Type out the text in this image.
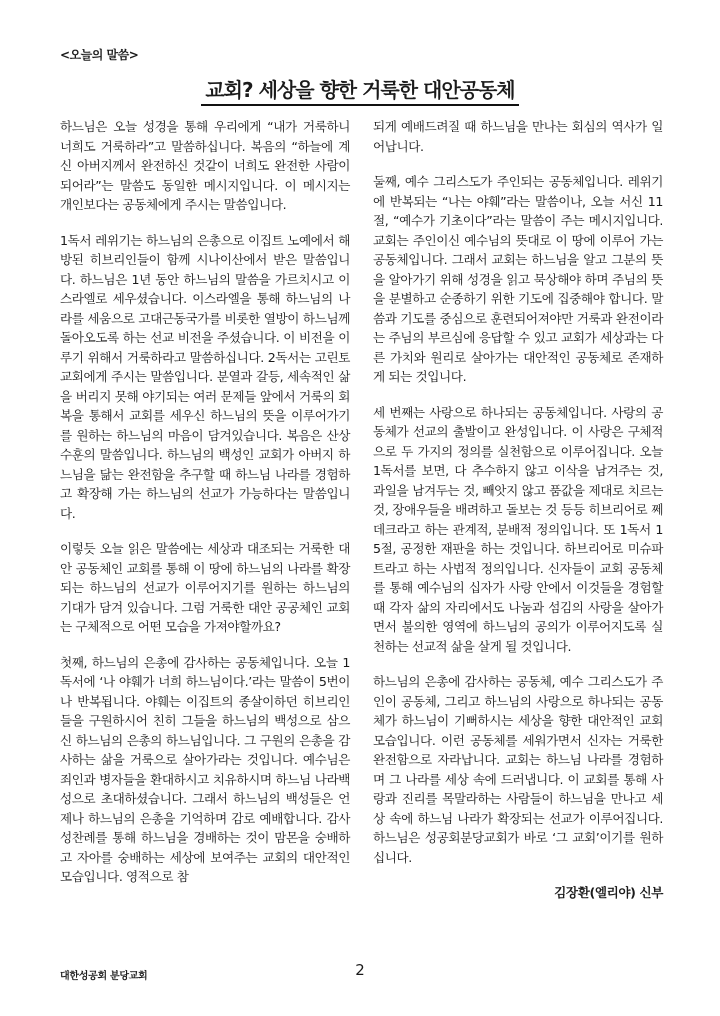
<오늘의 말씀>
교회? 세상을 향한 거룩한 대안공동체

하느님은 오늘 성경을 통해 우리에게 “내가 거룩하니 너희도 거룩하라”고 말씀하십니다. 복음의 “하늘에 계신 아버지께서 완전하신 것같이 너희도 완전한 사람이 되어라”는 말씀도 동일한 메시지입니다. 이 메시지는 개인보다는 공동체에게 주시는 말씀입니다.

1독서 레위기는 하느님의 은총으로 이집트 노예에서 해방된 히브리인들이 함께 시나이산에서 받은 말씀입니다. 하느님은 1년 동안 하느님의 말씀을 가르치시고 이스라엘로 세우셨습니다. 이스라엘을 통해 하느님의 나라를 세움으로 고대근동국가를 비롯한 열방이 하느님께 돌아오도록 하는 선교 비전을 주셨습니다. 이 비전을 이루기 위해서 거룩하라고 말씀하십니다. 2독서는 고린토교회에게 주시는 말씀입니다. 분열과 갈등, 세속적인 삶을 버리지 못해 야기되는 여러 문제들 앞에서 거룩의 회복을 통해서 교회를 세우신 하느님의 뜻을 이루어가기를 원하는 하느님의 마음이 담겨있습니다. 복음은 산상수훈의 말씀입니다. 하느님의 백성인 교회가 아버지 하느님을 닮는 완전함을 추구할 때 하느님 나라를 경험하고 확장해 가는 하느님의 선교가 가능하다는 말씀입니다.

이렇듯 오늘 읽은 말씀에는 세상과 대조되는 거룩한 대안 공동체인 교회를 통해 이 땅에 하느님의 나라를 확장되는 하느님의 선교가 이루어지기를 원하는 하느님의 기대가 담겨 있습니다. 그럼 거룩한 대안 공공체인 교회는 구체적으로 어떤 모습을 가져야할까요?

첫째, 하느님의 은총에 감사하는 공동체입니다. 오늘 1독서에 ‘나 야훼가 너희 하느님이다.’라는 말씀이 5번이나 반복됩니다. 야훼는 이집트의 종살이하던 히브리인들을 구원하시어 친히 그들을 하느님의 백성으로 삼으신 하느님의 은총의 하느님입니다. 그 구원의 은총을 감사하는 삶을 거룩으로 살아가라는 것입니다. 예수님은 죄인과 병자들을 환대하시고 치유하시며 하느님 나라백성으로 초대하셨습니다. 그래서 하느님의 백성들은 언제나 하느님의 은총을 기억하며 감로 예배합니다. 감사성찬례를 통해 하느님을 경배하는 것이 맘몬을 숭배하고 자아를 숭배하는 세상에 보여주는 교회의 대안적인 모습입니다. 영적으로 참

되게 예배드려질 때 하느님을 만나는 회심의 역사가 일어납니다.

둘째, 예수 그리스도가 주인되는 공동체입니다. 레위기에 반복되는 “나는 야훼”라는 말씀이나, 오늘 서신 11절, “예수가 기초이다”라는 말씀이 주는 메시지입니다. 교회는 주인이신 예수님의 뜻대로 이 땅에 이루어 가는 공동체입니다. 그래서 교회는 하느님을 알고 그분의 뜻을 알아가기 위해 성경을 읽고 묵상해야 하며 주님의 뜻을 분별하고 순종하기 위한 기도에 집중해야 합니다. 말씀과 기도를 중심으로 훈련되어져야만 거룩과 완전이라는 주님의 부르심에 응답할 수 있고 교회가 세상과는 다른 가치와 원리로 살아가는 대안적인 공동체로 존재하게 되는 것입니다.

세 번째는 사랑으로 하나되는 공동체입니다. 사랑의 공동체가 선교의 출발이고 완성입니다. 이 사랑은 구체적으로 두 가지의 정의를 실천함으로 이루어집니다. 오늘 1독서를 보면, 다 추수하지 않고 이삭을 남겨주는 것, 과일을 남겨두는 것, 빼앗지 않고 품값을 제대로 치르는 것, 장애우들을 배려하고 돌보는 것 등등 히브리어로 쩨데크라고 하는 관계적, 분배적 정의입니다. 또 1독서 15절, 공정한 재판을 하는 것입니다. 하브리어로 미슈파트라고 하는 사법적 정의입니다. 신자들이 교회 공동체를 통해 예수님의 십자가 사랑 안에서 이것들을 경험할 때 각자 삶의 자리에서도 나눔과 섬김의 사랑을 살아가면서 불의한 영역에 하느님의 공의가 이루어지도록 실천하는 선교적 삶을 살게 될 것입니다.

하느님의 은총에 감사하는 공동체, 예수 그리스도가 주인이 공동체, 그리고 하느님의 사랑으로 하나되는 공동체가 하느님이 기뻐하시는 세상을 향한 대안적인 교회모습입니다. 이런 공동체를 세워가면서 신자는 거룩한 완전함으로 자라납니다. 교회는 하느님 나라를 경험하며 그 나라를 세상 속에 드러냅니다. 이 교회를 통해 사랑과 진리를 목말라하는 사람들이 하느님을 만나고 세상 속에 하느님 나라가 확장되는 선교가 이루어집니다. 하느님은 성공회분당교회가 바로 ‘그 교회’이기를 원하십니다.

김장환(엘리야) 신부
대한성공회 분당교회	2
